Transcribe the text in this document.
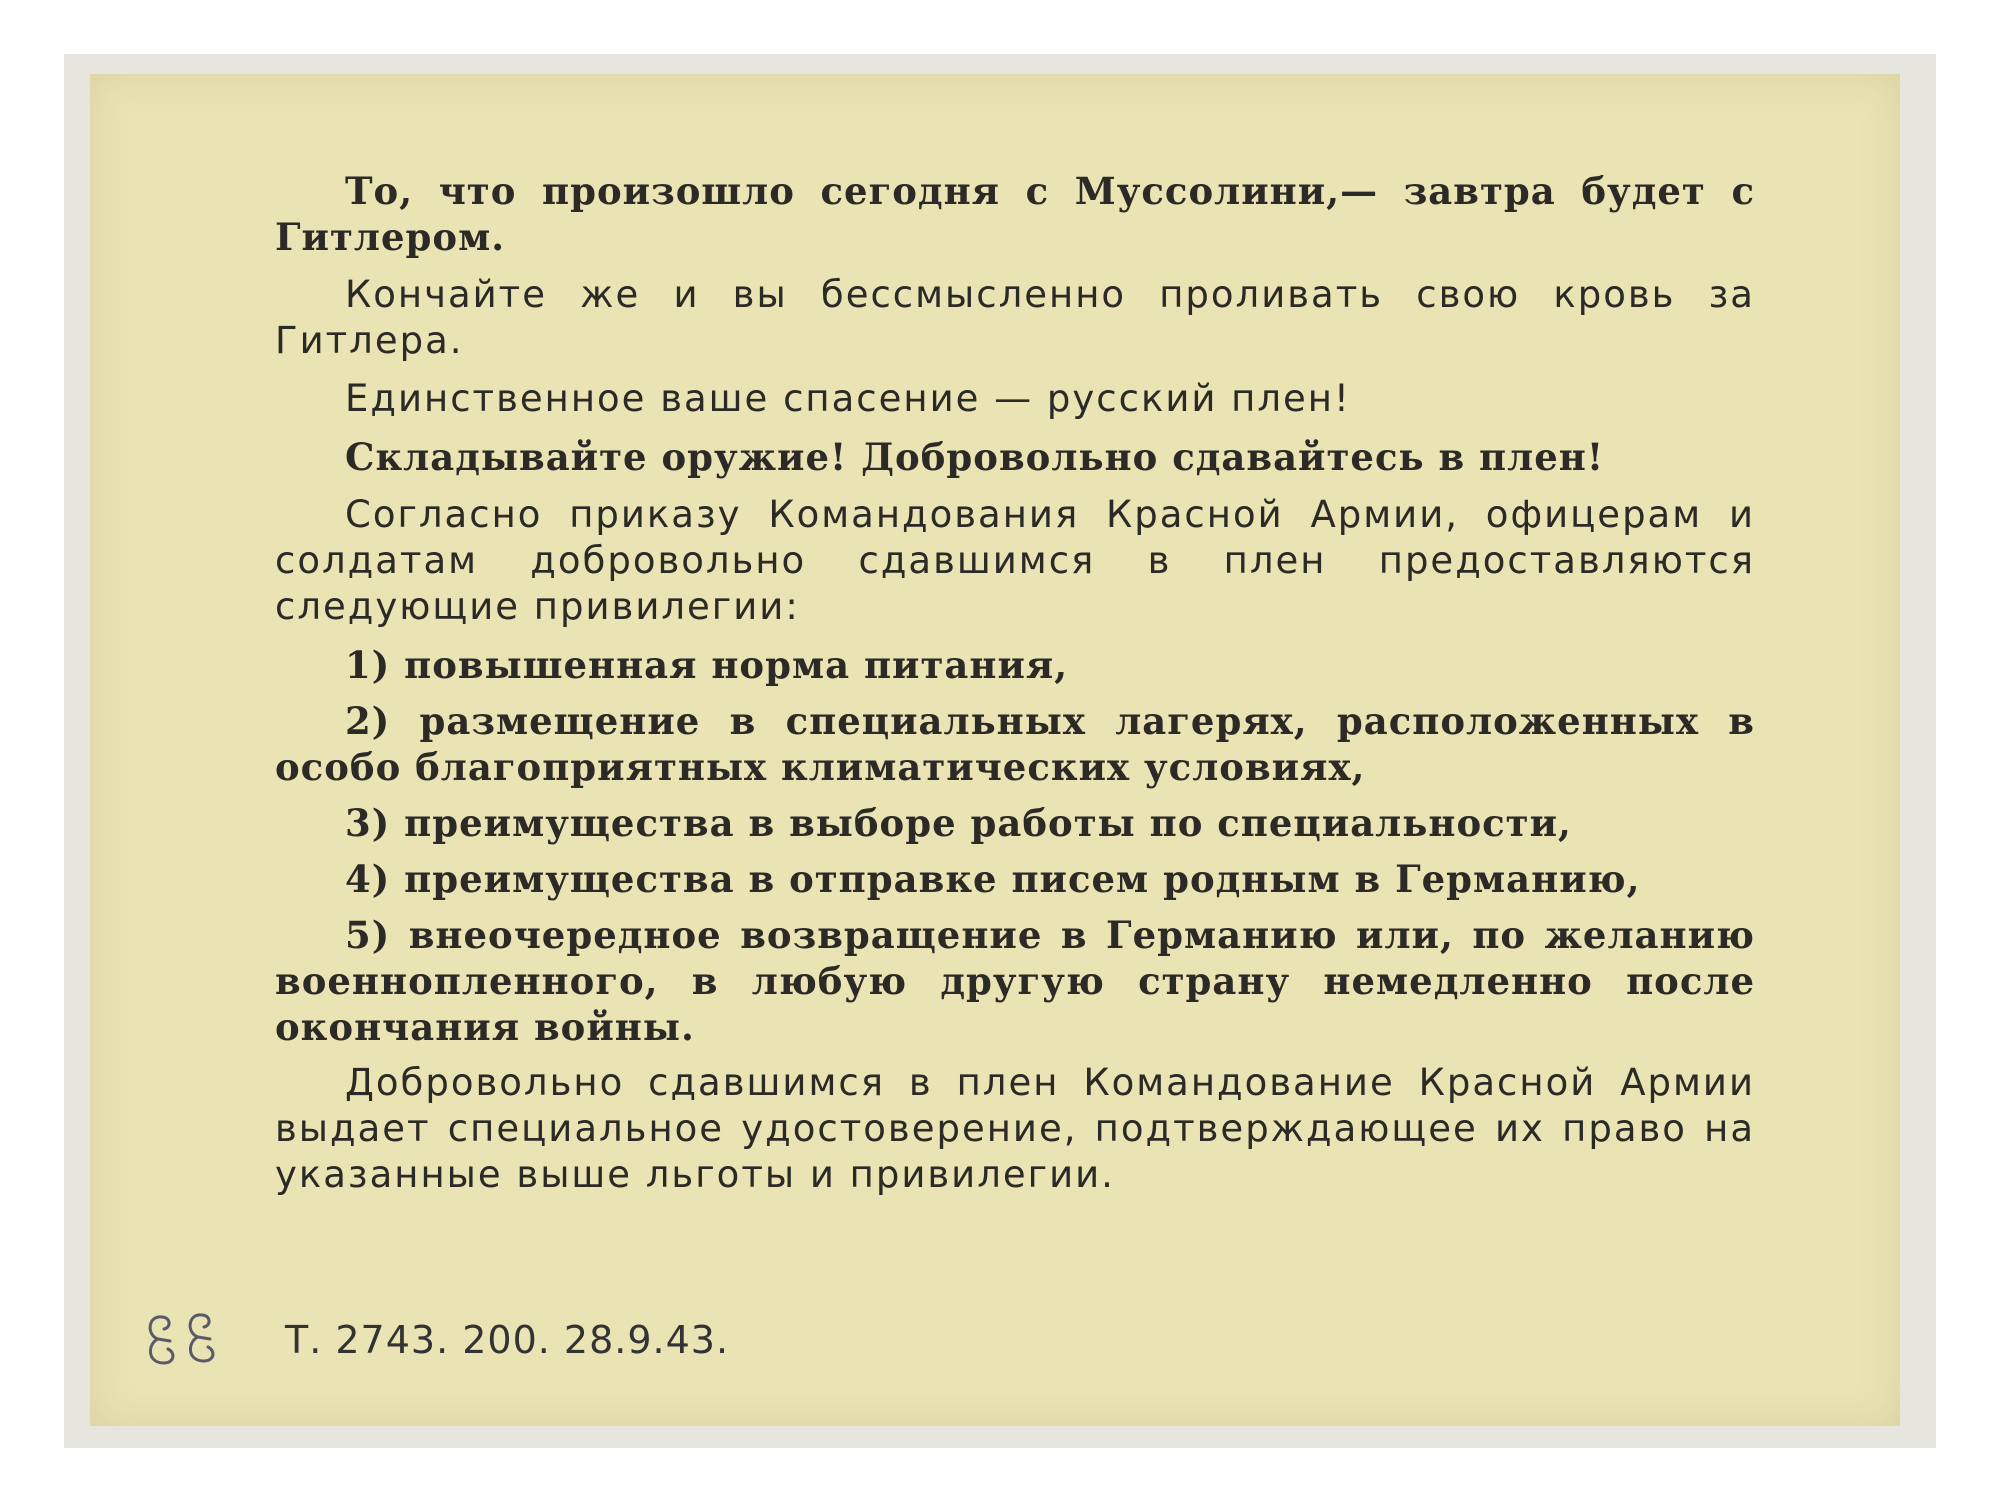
То, что произошло сегодня с Муссолини,— завтра будет с Гитлером.

Кончайте же и вы бессмысленно проливать свою кровь за Гитлера.

Единственное ваше спасение — русский плен!

Складывайте оружие! Добровольно сдавайтесь в плен!

Согласно приказу Командования Красной Армии, офицерам и солдатам добровольно сдавшимся в плен предоставляются следующие привилегии:

1) повышенная норма питания,

2) размещение в специальных лагерях, расположенных в особо благоприятных климатических условиях,

3) преимущества в выборе работы по специальности,

4) преимущества в отправке писем родным в Германию,

5) внеочередное возвращение в Германию или, по желанию военнопленного, в любую другую страну немедленно после окончания войны.

Добровольно сдавшимся в плен Командование Красной Армии выдает специальное удостоверение, подтверждающее их право на указанные выше льготы и привилегии.

Т. 2743. 200. 28.9.43.
